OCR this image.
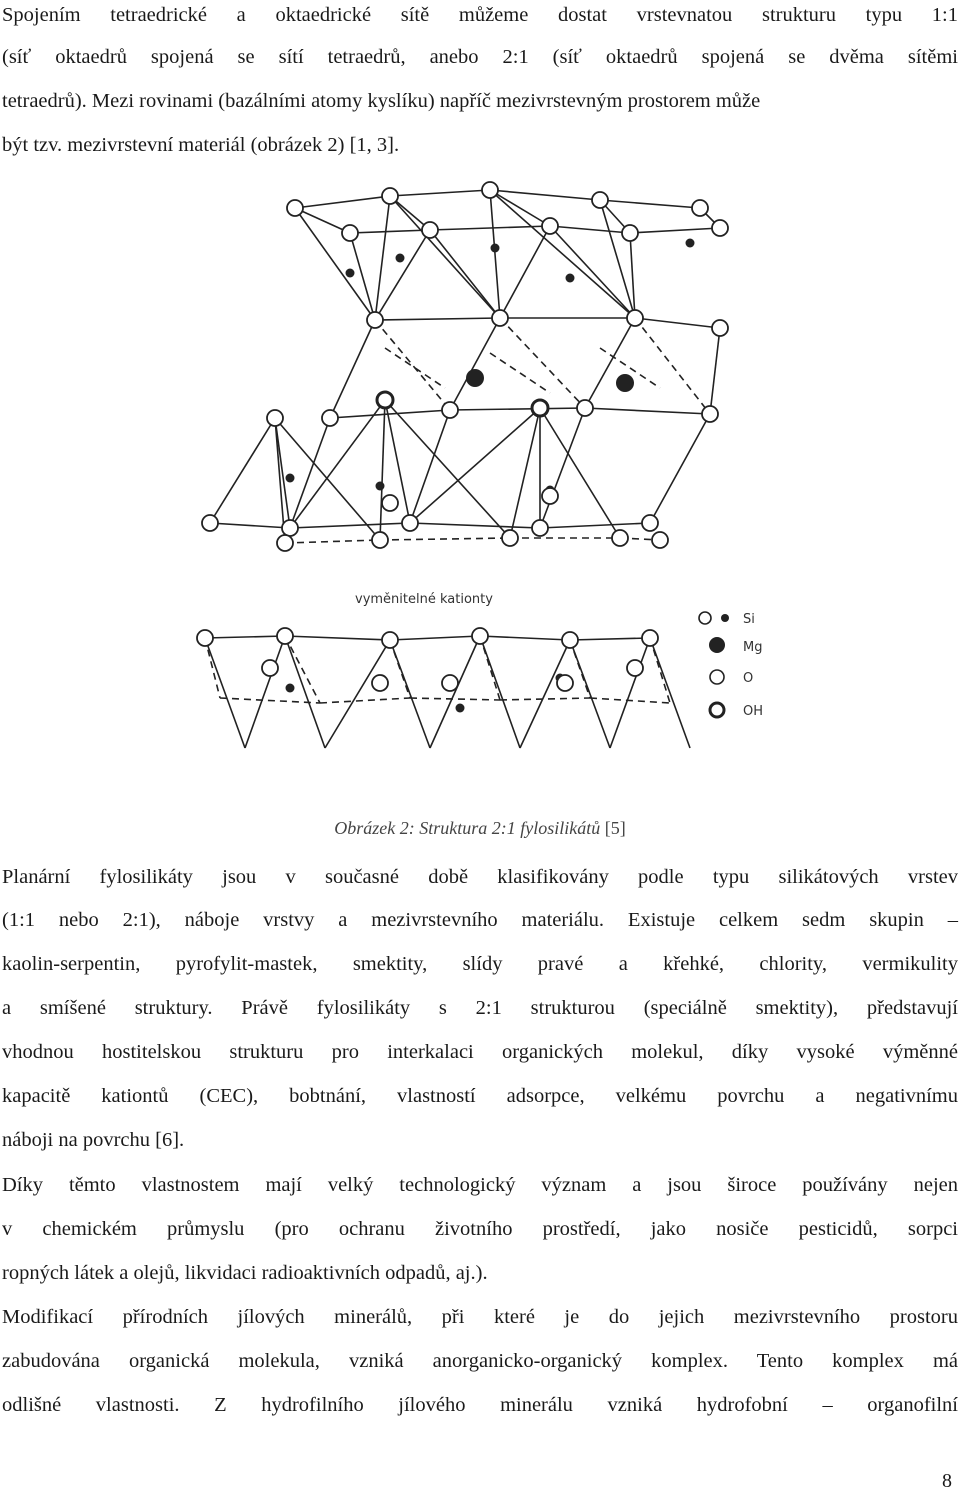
Spojením tetraedrické a oktaedrické sítě můžeme dostat vrstevnatou strukturu typu 1:1
(síť oktaedrů spojená se sítí tetraedrů, anebo 2:1 (síť oktaedrů spojená se dvěma sítěmi
tetraedrů). Mezi rovinami (bazálními atomy kyslíku) napříč mezivrstevným prostorem může
být tzv. mezivrstevní materiál (obrázek 2) [1, 3].
vyměnitelné kationty
Si
Mg
O
OH
Obrázek 2: Struktura 2:1 fylosilikátů [5]
Planární fylosilikáty jsou v současné době klasifikovány podle typu silikátových vrstev
(1:1 nebo 2:1), náboje vrstvy a mezivrstevního materiálu. Existuje celkem sedm skupin –
kaolin-serpentin, pyrofylit-mastek, smektity, slídy pravé a křehké, chlority, vermikulity
a smíšené struktury. Právě fylosilikáty s 2:1 strukturou (speciálně smektity), představují
vhodnou hostitelskou strukturu pro interkalaci organických molekul, díky vysoké výměnné
kapacitě kationtů (CEC), bobtnání, vlastností adsorpce, velkému povrchu a negativnímu
náboji na povrchu [6].
Díky těmto vlastnostem mají velký technologický význam a jsou široce používány nejen
v chemickém průmyslu (pro ochranu životního prostředí, jako nosiče pesticidů, sorpci
ropných látek a olejů, likvidaci radioaktivních odpadů, aj.).
Modifikací přírodních jílových minerálů, při které je do jejich mezivrstevního prostoru
zabudována organická molekula, vzniká anorganicko-organický komplex. Tento komplex má
odlišné vlastnosti. Z hydrofilního jílového minerálu vzniká hydrofobní – organofilní
8
